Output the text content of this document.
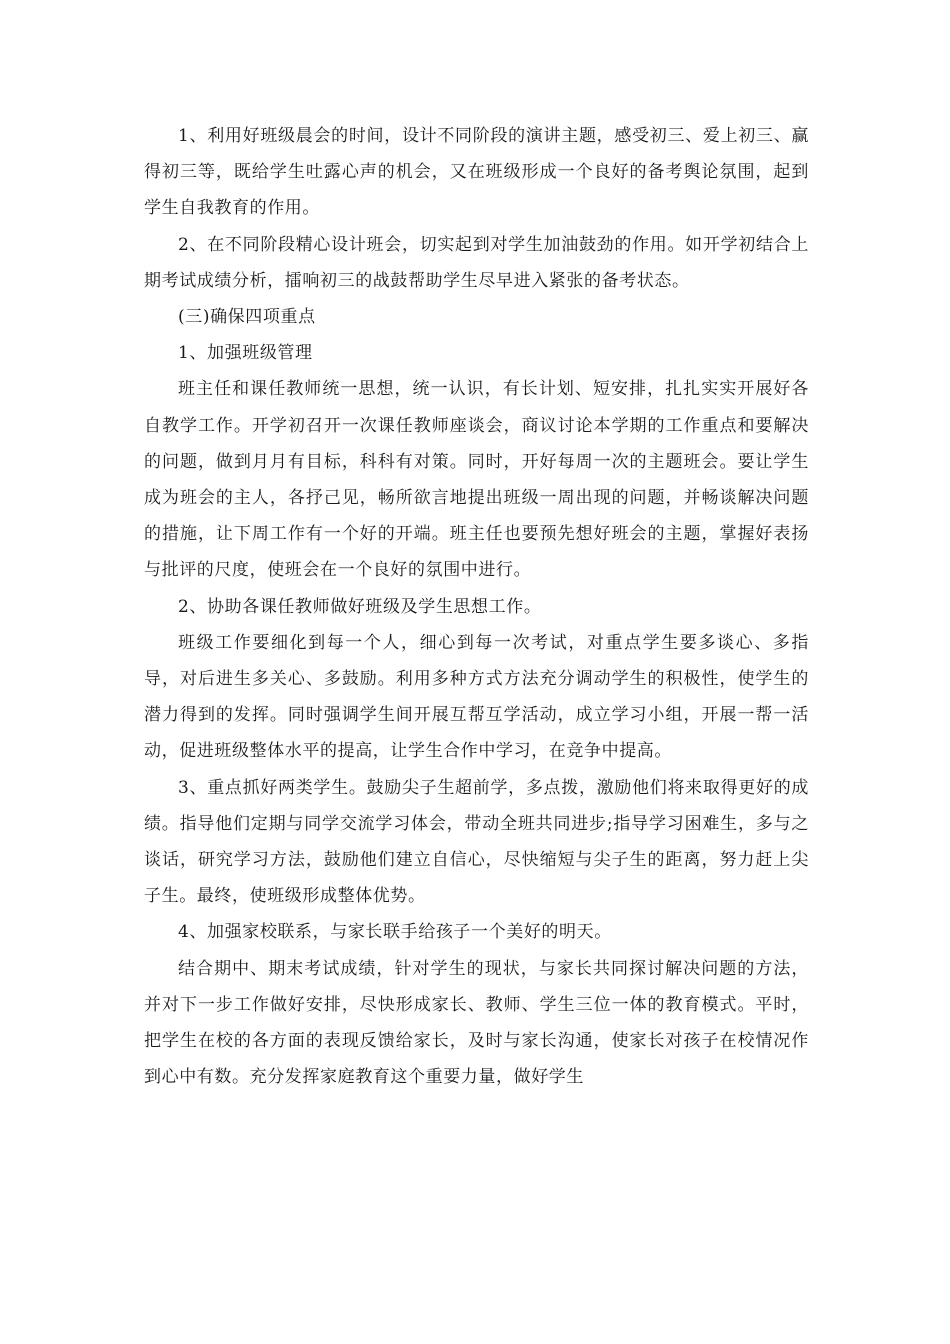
1、利用好班级晨会的时间，设计不同阶段的演讲主题，感受初三、爱上初三、赢得初三等，既给学生吐露心声的机会，又在班级形成一个良好的备考舆论氛围，起到学生自我教育的作用。

2、在不同阶段精心设计班会，切实起到对学生加油鼓劲的作用。如开学初结合上期考试成绩分析，擂响初三的战鼓帮助学生尽早进入紧张的备考状态。

(三)确保四项重点

1、加强班级管理

班主任和课任教师统一思想，统一认识，有长计划、短安排，扎扎实实开展好各自教学工作。开学初召开一次课任教师座谈会，商议讨论本学期的工作重点和要解决的问题，做到月月有目标，科科有对策。同时，开好每周一次的主题班会。要让学生成为班会的主人，各抒己见，畅所欲言地提出班级一周出现的问题，并畅谈解决问题的措施，让下周工作有一个好的开端。班主任也要预先想好班会的主题，掌握好表扬与批评的尺度，使班会在一个良好的氛围中进行。

2、协助各课任教师做好班级及学生思想工作。

班级工作要细化到每一个人，细心到每一次考试，对重点学生要多谈心、多指导，对后进生多关心、多鼓励。利用多种方式方法充分调动学生的积极性，使学生的潜力得到的发挥。同时强调学生间开展互帮互学活动，成立学习小组，开展一帮一活动，促进班级整体水平的提高，让学生合作中学习，在竞争中提高。

3、重点抓好两类学生。鼓励尖子生超前学，多点拨，激励他们将来取得更好的成绩。指导他们定期与同学交流学习体会，带动全班共同进步;指导学习困难生，多与之谈话，研究学习方法，鼓励他们建立自信心，尽快缩短与尖子生的距离，努力赶上尖子生。最终，使班级形成整体优势。

4、加强家校联系，与家长联手给孩子一个美好的明天。

结合期中、期末考试成绩，针对学生的现状，与家长共同探讨解决问题的方法，并对下一步工作做好安排，尽快形成家长、教师、学生三位一体的教育模式。平时，把学生在校的各方面的表现反馈给家长，及时与家长沟通，使家长对孩子在校情况作到心中有数。充分发挥家庭教育这个重要力量，做好学生
